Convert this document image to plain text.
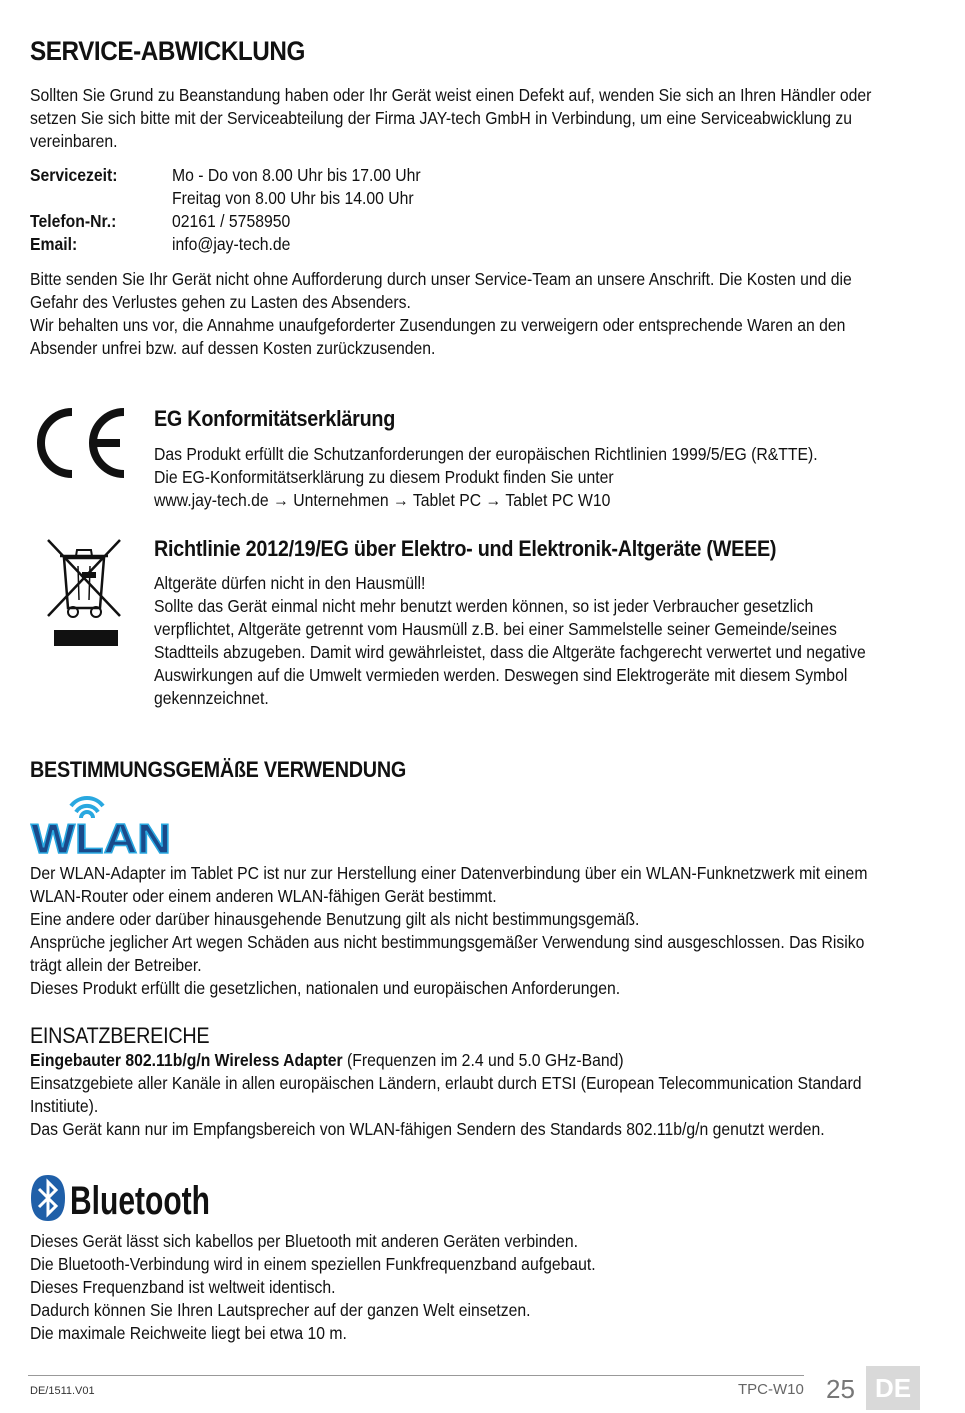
SERVICE-ABWICKLUNG
Sollten Sie Grund zu Beanstandung haben oder Ihr Gerät weist einen Defekt auf, wenden Sie sich an Ihren Händler oder
setzen Sie sich bitte mit der Serviceabteilung der Firma JAY-tech GmbH in Verbindung, um eine Serviceabwicklung zu
vereinbaren.
Servicezeit:	Mo - Do von 8.00 Uhr bis 17.00 Uhr
Freitag von 8.00 Uhr bis 14.00 Uhr
Telefon-Nr.:	02161 / 5758950
Email:	info@jay-tech.de
Bitte senden Sie Ihr Gerät nicht ohne Aufforderung durch unser Service-Team an unsere Anschrift. Die Kosten und die
Gefahr des Verlustes gehen zu Lasten des Absenders.
Wir behalten uns vor, die Annahme unaufgeforderter Zusendungen zu verweigern oder entsprechende Waren an den
Absender unfrei bzw. auf dessen Kosten zurückzusenden.
EG Konformitätserklärung
Das Produkt erfüllt die Schutzanforderungen der europäischen Richtlinien 1999/5/EG (R&TTE).
Die EG-Konformitätserklärung zu diesem Produkt finden Sie unter
www.jay-tech.de → Unternehmen → Tablet PC → Tablet PC W10
Richtlinie 2012/19/EG über Elektro- und Elektronik-Altgeräte (WEEE)
Altgeräte dürfen nicht in den Hausmüll!
Sollte das Gerät einmal nicht mehr benutzt werden können, so ist jeder Verbraucher gesetzlich
verpflichtet, Altgeräte getrennt vom Hausmüll z.B. bei einer Sammelstelle seiner Gemeinde/seines
Stadtteils abzugeben. Damit wird gewährleistet, dass die Altgeräte fachgerecht verwertet und negative
Auswirkungen auf die Umwelt vermieden werden. Deswegen sind Elektrogeräte mit diesem Symbol
gekennzeichnet.
BESTIMMUNGSGEMÄßE VERWENDUNG
WLAN
Der WLAN-Adapter im Tablet PC ist nur zur Herstellung einer Datenverbindung über ein WLAN-Funknetzwerk mit einem
WLAN-Router oder einem anderen WLAN-fähigen Gerät bestimmt.
Eine andere oder darüber hinausgehende Benutzung gilt als nicht bestimmungsgemäß.
Ansprüche jeglicher Art wegen Schäden aus nicht bestimmungsgemäßer Verwendung sind ausgeschlossen. Das Risiko
trägt allein der Betreiber.
Dieses Produkt erfüllt die gesetzlichen, nationalen und europäischen Anforderungen.
EINSATZBEREICHE
Eingebauter 802.11b/g/n Wireless Adapter (Frequenzen im 2.4 und 5.0 GHz-Band)
Einsatzgebiete aller Kanäle in allen europäischen Ländern, erlaubt durch ETSI (European Telecommunication Standard
Institiute).
Das Gerät kann nur im Empfangsbereich von WLAN-fähigen Sendern des Standards 802.11b/g/n genutzt werden.
Bluetooth
Dieses Gerät lässt sich kabellos per Bluetooth mit anderen Geräten verbinden.
Die Bluetooth-Verbindung wird in einem speziellen Funkfrequenzband aufgebaut.
Dieses Frequenzband ist weltweit identisch.
Dadurch können Sie Ihren Lautsprecher auf der ganzen Welt einsetzen.
Die maximale Reichweite liegt bei etwa 10 m.
DE/1511.V01	TPC-W10 25 DE
